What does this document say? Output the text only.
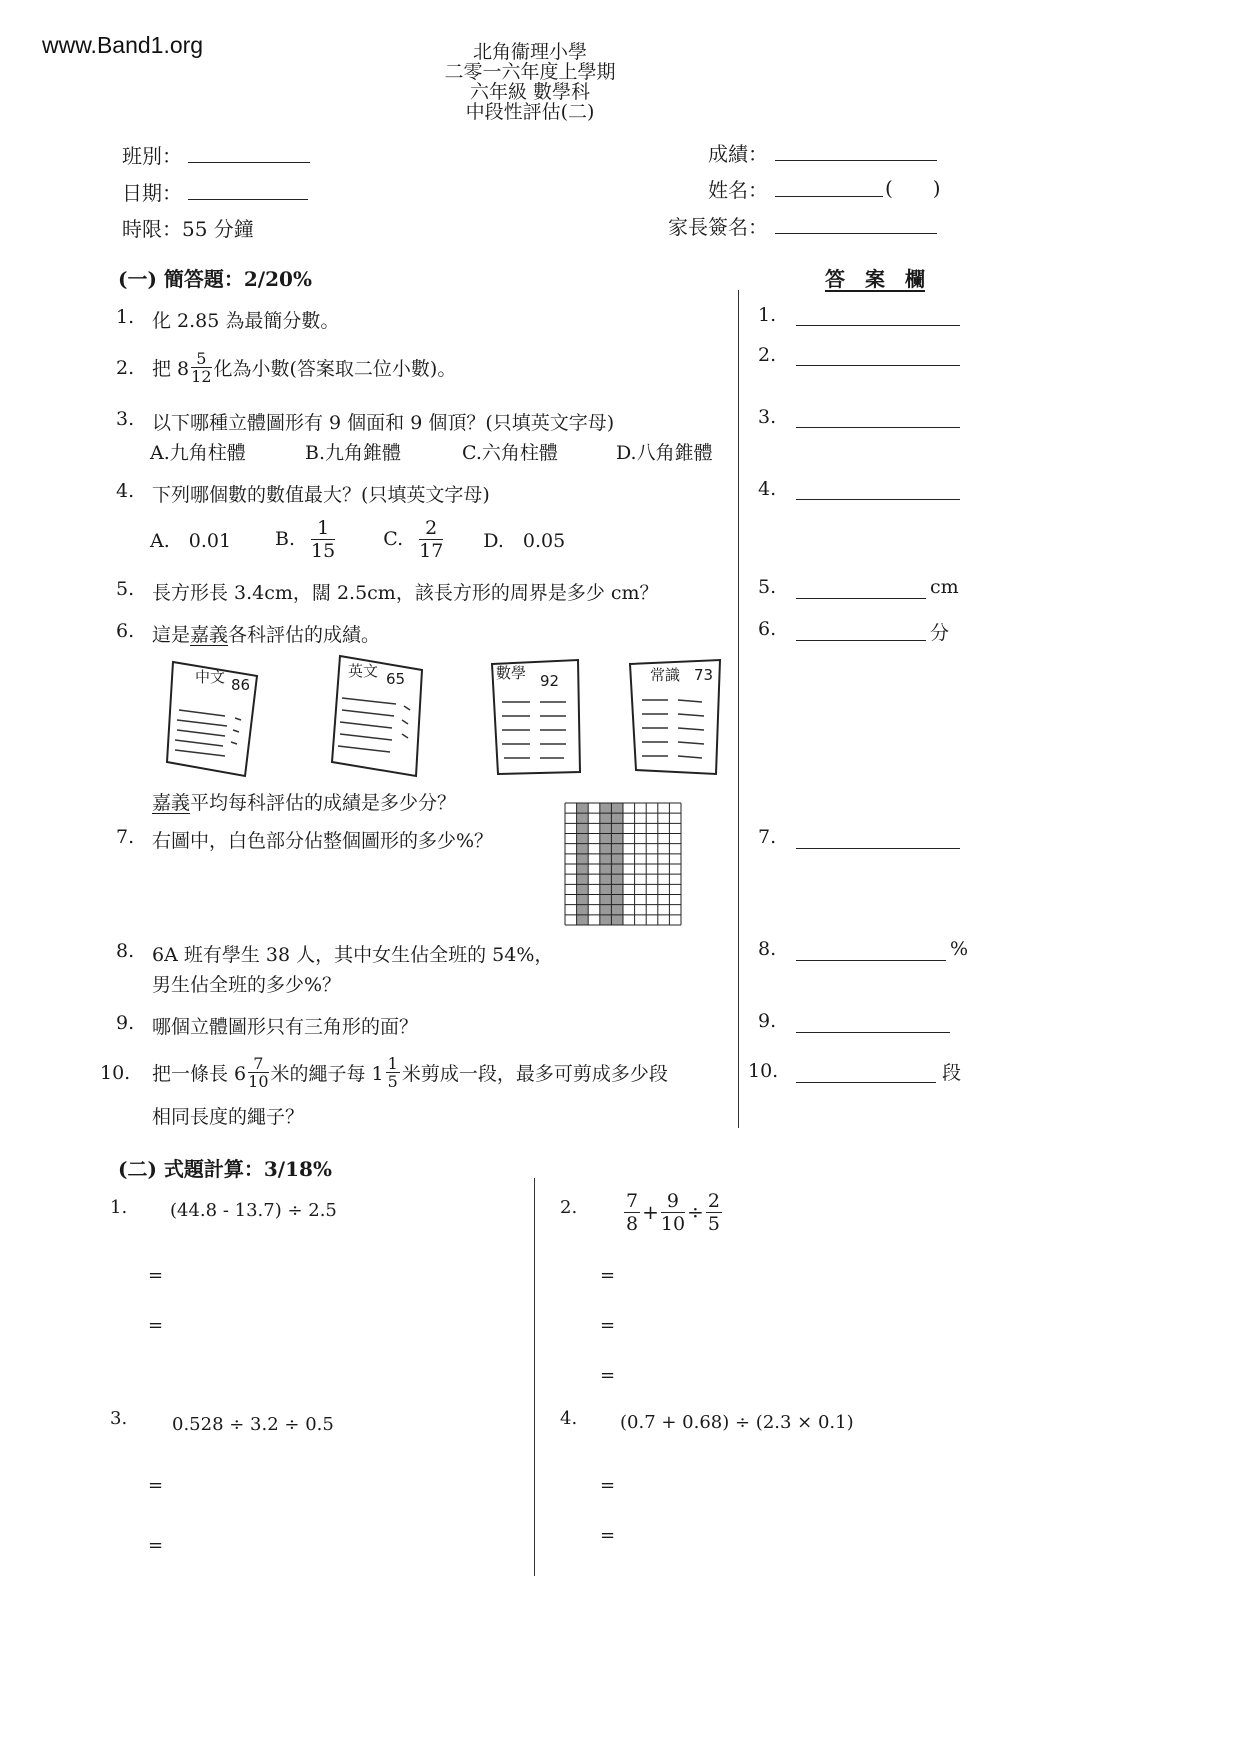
www.Band1.org	北角衞理小學
二零一六年度上學期
六年級 數學科
中段性評估(二)
班別：
日期：
時限：55 分鐘
成績：
姓名：	(　　)
家長簽名：
(一) 簡答題：2/20%	答　案　欄
1. 化 2.85 為最簡分數。
2. 把 $8 \frac{5}{12}$ 化為小數(答案取二位小數)。
3. 以下哪種立體圖形有 9 個面和 9 個頂？(只填英文字母)
A.九角柱體	B.九角錐體	C.六角柱體	D.八角錐體
4. 下列哪個數的數值最大？(只填英文字母)
A.　0.01	B. $\frac{1}{15}$	C. $\frac{2}{17} D$.　0.05
5. 長方形長 3.4cm，闊 2.5cm，該長方形的周界是多少 cm？
6. 這是嘉義各科評估的成績。
中文 86
英文 65	數學 92	常識 73
嘉義平均每科評估的成績是多少分？
7. 右圖中，白色部分佔整個圖形的多少%？
8. 6A 班有學生 38 人，其中女生佔全班的 54%，
男生佔全班的多少%？
9. 哪個立體圖形只有三角形的面？
10. 把一條長 $6 \frac{7}{10}$ 米的繩子每 $1 \frac{1}{5}$ 米剪成一段，最多可剪成多少段
相同長度的繩子？
1.
2.
3.
4.
5.	cm
6.	分
7.
8.	%
9.
10.	段
(二) 式題計算：3/18%
1. (44.8 - 13.7) ÷ 2.5
=
=
2. $\frac{7}{8} + \frac{9}{10} \div \frac{2}{5}$
=
=
=
3. 0.528 ÷ 3.2 ÷ 0.5
=
=
4. (0.7 + 0.68) ÷ (2.3 × 0.1)
=
=
